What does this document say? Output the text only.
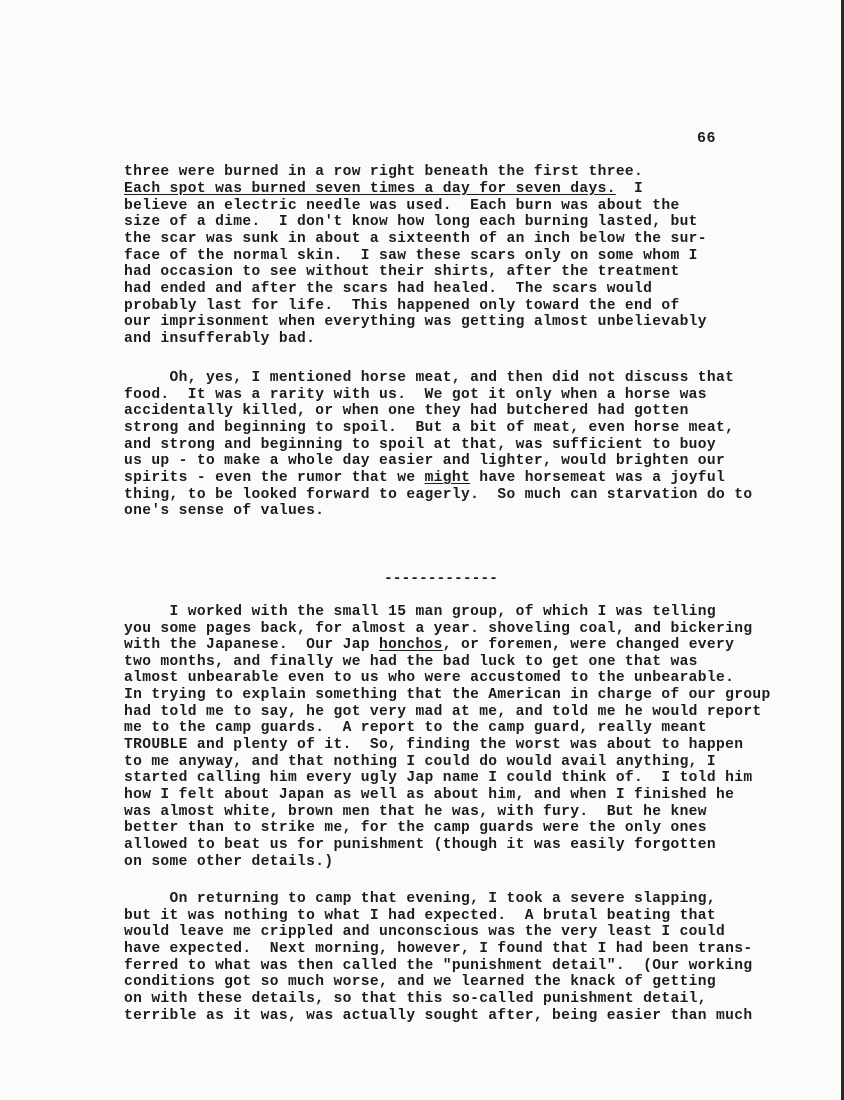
66
three were burned in a row right beneath the first three.
Each spot was burned seven times a day for seven days.  I
believe an electric needle was used.  Each burn was about the
size of a dime.  I don't know how long each burning lasted, but
the scar was sunk in about a sixteenth of an inch below the sur-
face of the normal skin.  I saw these scars only on some whom I
had occasion to see without their shirts, after the treatment
had ended and after the scars had healed.  The scars would
probably last for life.  This happened only toward the end of
our imprisonment when everything was getting almost unbelievably
and insufferably bad.
Oh, yes, I mentioned horse meat, and then did not discuss that
food.  It was a rarity with us.  We got it only when a horse was
accidentally killed, or when one they had butchered had gotten
strong and beginning to spoil.  But a bit of meat, even horse meat,
and strong and beginning to spoil at that, was sufficient to buoy
us up - to make a whole day easier and lighter, would brighten our
spirits - even the rumor that we might have horsemeat was a joyful
thing, to be looked forward to eagerly.  So much can starvation do to
one's sense of values.
I worked with the small 15 man group, of which I was telling
you some pages back, for almost a year. shoveling coal, and bickering
with the Japanese.  Our Jap honchos, or foremen, were changed every
two months, and finally we had the bad luck to get one that was
almost unbearable even to us who were accustomed to the unbearable.
In trying to explain something that the American in charge of our group
had told me to say, he got very mad at me, and told me he would report
me to the camp guards.  A report to the camp guard, really meant
TROUBLE and plenty of it.  So, finding the worst was about to happen
to me anyway, and that nothing I could do would avail anything, I
started calling him every ugly Jap name I could think of.  I told him
how I felt about Japan as well as about him, and when I finished he
was almost white, brown men that he was, with fury.  But he knew
better than to strike me, for the camp guards were the only ones
allowed to beat us for punishment (though it was easily forgotten
on some other details.)
On returning to camp that evening, I took a severe slapping,
but it was nothing to what I had expected.  A brutal beating that
would leave me crippled and unconscious was the very least I could
have expected.  Next morning, however, I found that I had been trans-
ferred to what was then called the "punishment detail".  (Our working
conditions got so much worse, and we learned the knack of getting
on with these details, so that this so-called punishment detail,
terrible as it was, was actually sought after, being easier than much
-------------
